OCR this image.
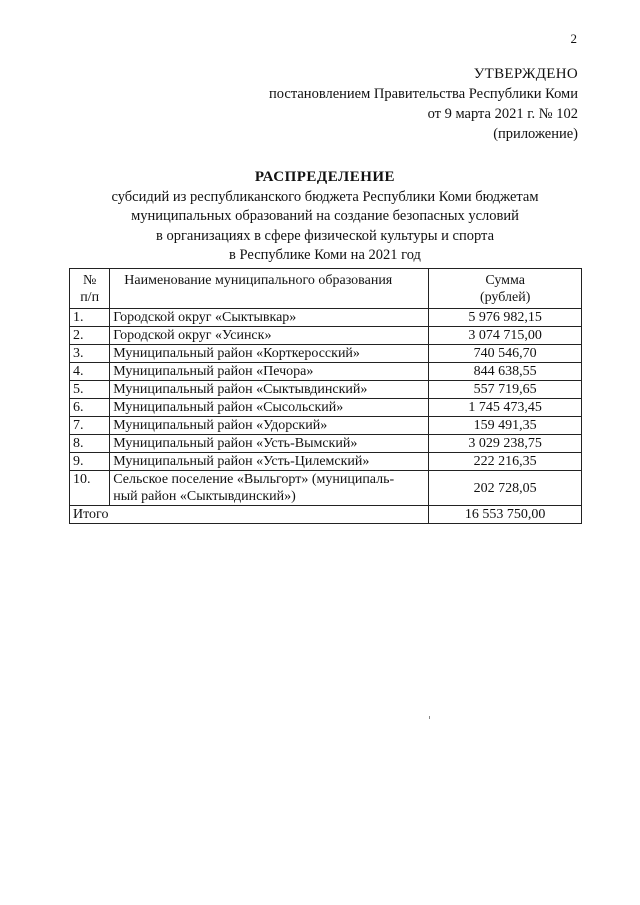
2
УТВЕРЖДЕНО
постановлением Правительства Республики Коми
от 9 марта 2021 г. № 102
(приложение)
РАСПРЕДЕЛЕНИЕ
субсидий из республиканского бюджета Республики Коми бюджетам
муниципальных образований на создание безопасных условий
в организациях в сфере физической культуры и спорта
в Республике Коми на 2021 год
№
п/п	Наименование муниципального образования	Сумма
(рублей)
1.	Городской округ «Сыктывкар»	5 976 982,15
2.	Городской округ «Усинск»	3 074 715,00
3.	Муниципальный район «Корткеросский»	740 546,70
4.	Муниципальный район «Печора»	844 638,55
5.	Муниципальный район «Сыктывдинский»	557 719,65
6.	Муниципальный район «Сысольский»	1 745 473,45
7.	Муниципальный район «Удорский»	159 491,35
8.	Муниципальный район «Усть-Вымский»	3 029 238,75
9.	Муниципальный район «Усть-Цилемский»	222 216,35
10.	Сельское поселение «Выльгорт» (муниципаль-
ный район «Сыктывдинский»)	202 728,05
Итого		16 553 750,00
